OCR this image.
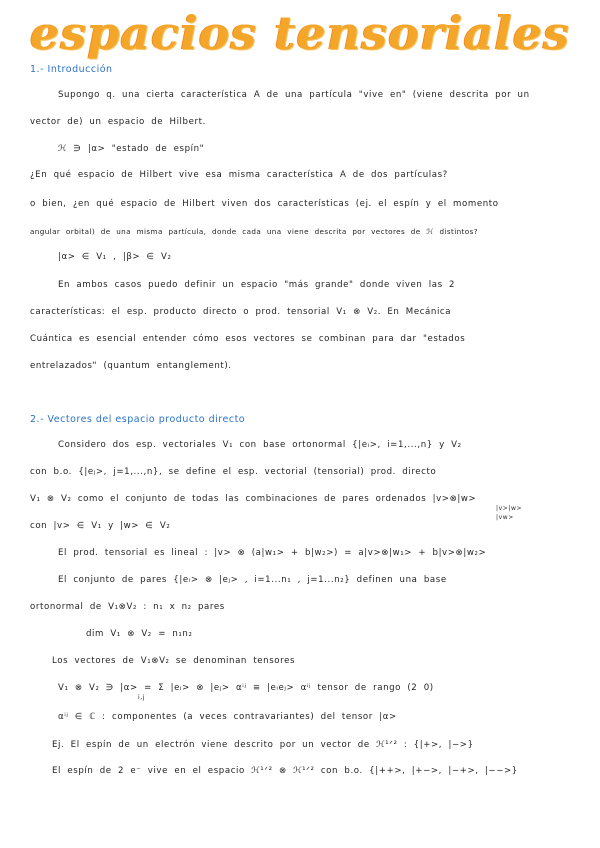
espacios tensoriales
1.- Introducción
Supongo q. una cierta característica A de una partícula "vive en" (viene descrita por un
vector de) un espacio de Hilbert.
ℋ ∋ |α> "estado de espín"
¿En qué espacio de Hilbert vive esa misma característica A de dos partículas?
o bien, ¿en qué espacio de Hilbert viven dos características (ej. el espín y el momento
angular orbital) de una misma partícula, donde cada una viene descrita por vectores de ℋ distintos?
|α> ∈ V₁ , |β> ∈ V₂
En ambos casos puedo definir un espacio "más grande" donde viven las 2
características: el esp. producto directo o prod. tensorial V₁ ⊗ V₂. En Mecánica
Cuántica es esencial entender cómo esos vectores se combinan para dar "estados
entrelazados" (quantum entanglement).
2.- Vectores del espacio producto directo
Considero dos esp. vectoriales V₁ con base ortonormal {|eᵢ>, i=1,...,n} y V₂
con b.o. {|eⱼ>, j=1,...,n}, se define el esp. vectorial (tensorial) prod. directo
V₁ ⊗ V₂ como el conjunto de todas las combinaciones de pares ordenados |v>⊗|w>
|v>|w>
|vw>
con |v> ∈ V₁ y |w> ∈ V₂
El prod. tensorial es lineal : |v> ⊗ (a|w₁> + b|w₂>) = a|v>⊗|w₁> + b|v>⊗|w₂>
El conjunto de pares {|eᵢ> ⊗ |eⱼ> , i=1...n₁ , j=1...n₂} definen una base
ortonormal de V₁⊗V₂ : n₁ x n₂ pares
dim V₁ ⊗ V₂ = n₁n₂
Los vectores de V₁⊗V₂ se denominan tensores
V₁ ⊗ V₂ ∋ |α> = Σ |eᵢ> ⊗ |eⱼ> αⁱʲ ≡ |eᵢeⱼ> αⁱʲ tensor de rango (2 0)
i,j
αⁱʲ ∈ ℂ : componentes (a veces contravariantes) del tensor |α>
Ej. El espín de un electrón viene descrito por un vector de ℋ¹ᐟ² : {|+>, |−>}
El espín de 2 e⁻ vive en el espacio ℋ¹ᐟ² ⊗ ℋ¹ᐟ² con b.o. {|++>, |+−>, |−+>, |−−>}
